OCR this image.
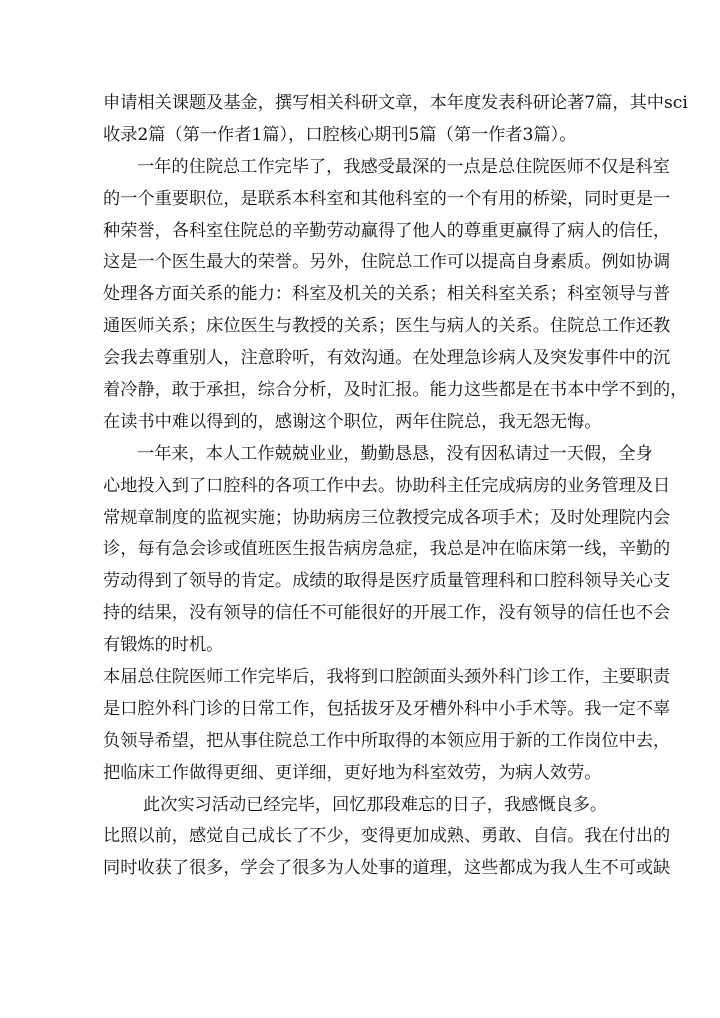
申请相关课题及基金，撰写相关科研文章，本年度发表科研论著7篇，其中sci
收录2篇（第一作者1篇），口腔核心期刊5篇（第一作者3篇）。
一年的住院总工作完毕了，我感受最深的一点是总住院医师不仅是科室
的一个重要职位，是联系本科室和其他科室的一个有用的桥梁，同时更是一
种荣誉，各科室住院总的辛勤劳动赢得了他人的尊重更赢得了病人的信任，
这是一个医生最大的荣誉。另外，住院总工作可以提高自身素质。例如协调
处理各方面关系的能力：科室及机关的关系；相关科室关系；科室领导与普
通医师关系；床位医生与教授的关系；医生与病人的关系。住院总工作还教
会我去尊重别人，注意聆听，有效沟通。在处理急诊病人及突发事件中的沉
着冷静，敢于承担，综合分析，及时汇报。能力这些都是在书本中学不到的，
在读书中难以得到的，感谢这个职位，两年住院总，我无怨无悔。
一年来，本人工作兢兢业业，勤勤恳恳，没有因私请过一天假，全身
心地投入到了口腔科的各项工作中去。协助科主任完成病房的业务管理及日
常规章制度的监视实施；协助病房三位教授完成各项手术；及时处理院内会
诊，每有急会诊或值班医生报告病房急症，我总是冲在临床第一线，辛勤的
劳动得到了领导的肯定。成绩的取得是医疗质量管理科和口腔科领导关心支
持的结果，没有领导的信任不可能很好的开展工作，没有领导的信任也不会
有锻炼的时机。
本届总住院医师工作完毕后，我将到口腔颌面头颈外科门诊工作，主要职责
是口腔外科门诊的日常工作，包括拔牙及牙槽外科中小手术等。我一定不辜
负领导希望，把从事住院总工作中所取得的本领应用于新的工作岗位中去，
把临床工作做得更细、更详细，更好地为科室效劳，为病人效劳。
此次实习活动已经完毕，回忆那段难忘的日子，我感慨良多。
比照以前，感觉自己成长了不少，变得更加成熟、勇敢、自信。我在付出的
同时收获了很多，学会了很多为人处事的道理，这些都成为我人生不可或缺
